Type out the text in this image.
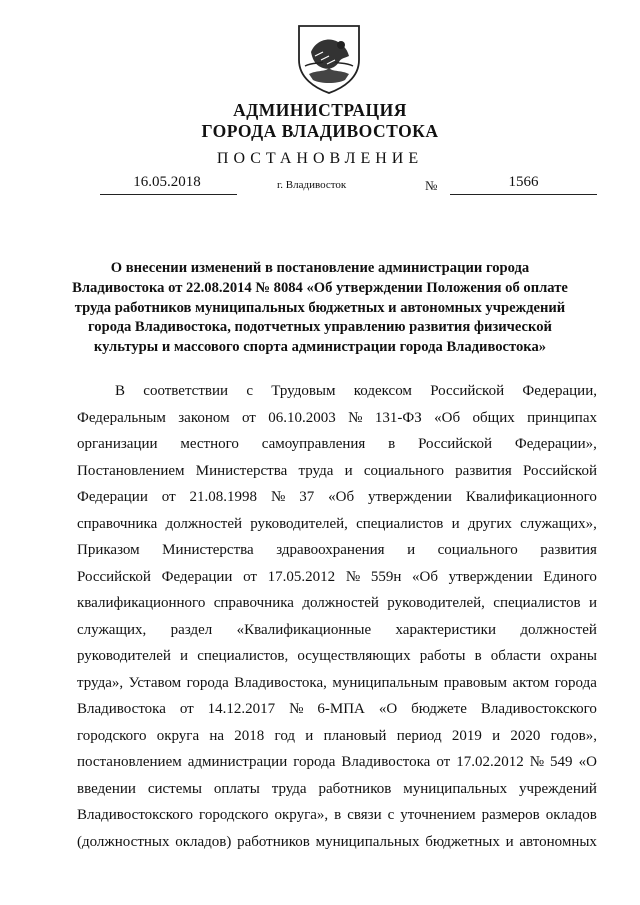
АДМИНИСТРАЦИЯ
ГОРОДА ВЛАДИВОСТОКА
ПОСТАНОВЛЕНИЕ
16.05.2018	г. Владивосток	№	1566
О внесении изменений в постановление администрации города
Владивостока от 22.08.2014 № 8084 «Об утверждении Положения об оплате
труда работников муниципальных бюджетных и автономных учреждений
города Владивостока, подотчетных управлению развития физической
культуры и массового спорта администрации города Владивостока»
В соответствии с Трудовым кодексом Российской Федерации,
Федеральным законом от 06.10.2003 № 131-ФЗ «Об общих принципах
организации местного самоуправления в Российской Федерации»,
Постановлением Министерства труда и социального развития Российской
Федерации от 21.08.1998 № 37 «Об утверждении Квалификационного
справочника должностей руководителей, специалистов и других служащих»,
Приказом Министерства здравоохранения и социального развития
Российской Федерации от 17.05.2012 № 559н «Об утверждении Единого
квалификационного справочника должностей руководителей, специалистов и
служащих, раздел «Квалификационные характеристики должностей
руководителей и специалистов, осуществляющих работы в области охраны
труда», Уставом города Владивостока, муниципальным правовым актом города
Владивостока от 14.12.2017 № 6-МПА «О бюджете Владивостокского
городского округа на 2018 год и плановый период 2019 и 2020 годов»,
постановлением администрации города Владивостока от 17.02.2012 № 549 «О
введении системы оплаты труда работников муниципальных учреждений
Владивостокского городского округа», в связи с уточнением размеров окладов
(должностных окладов) работников муниципальных бюджетных и автономных
